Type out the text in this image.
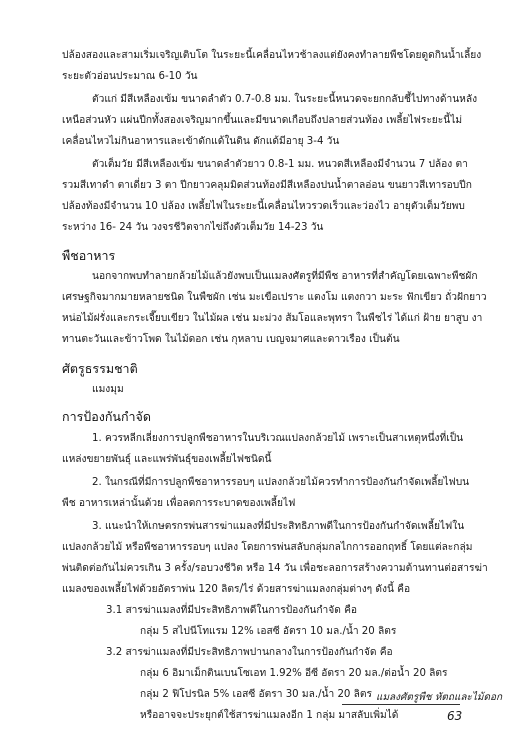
ปล้องสองและสามเริ่มเจริญเติบโต ในระยะนี้เคลื่อนไหวช้าลงแต่ยังคงทำลายพืชโดยดูดกินน้ำเลี้ยง
ระยะตัวอ่อนประมาณ 6-10 วัน
ตัวแก่ มีสีเหลืองเข้ม ขนาดลำตัว 0.7-0.8 มม. ในระยะนี้หนวดจะยกกลับชี้ไปทางด้านหลัง
เหนือส่วนหัว แผ่นปีกทั้งสองเจริญมากขึ้นและมีขนาดเกือบถึงปลายส่วนท้อง เพลี้ยไฟระยะนี้ไม่
เคลื่อนไหวไม่กินอาหารและเข้าดักแด้ในดิน ดักแด้มีอายุ 3-4 วัน
ตัวเต็มวัย มีสีเหลืองเข้ม ขนาดลำตัวยาว 0.8-1 มม. หนวดสีเหลืองมีจำนวน 7 ปล้อง ตา
รวมสีเทาดำ ตาเดี่ยว 3 ตา ปีกยาวคลุมมิดส่วนท้องมีสีเหลืองปนน้ำตาลอ่อน ขนยาวสีเทารอบปีก
ปล้องท้องมีจำนวน 10 ปล้อง เพลี้ยไฟในระยะนี้เคลื่อนไหวรวดเร็วและว่องไว อายุตัวเต็มวัยพบ
ระหว่าง 16- 24 วัน วงจรชีวิตจากไข่ถึงตัวเต็มวัย 14-23 วัน
นอกจากพบทำลายกล้วยไม้แล้วยังพบเป็นแมลงศัตรูที่มีพืช อาหารที่สำคัญโดยเฉพาะพืชผัก
เศรษฐกิจมากมายหลายชนิด ในพืชผัก เช่น มะเขือเปราะ แตงโม แตงกวา มะระ ฟักเขียว ถั่วฝักยาว
หน่อไม้ฝรั่งและกระเจี๊ยบเขียว ในไม้ผล เช่น มะม่วง ส้มโอและพุทรา ในพืชไร่ ได้แก่ ฝ้าย ยาสูบ งา
ทานตะวันและข้าวโพด ในไม้ดอก เช่น กุหลาบ เบญจมาศและดาวเรือง เป็นต้น
แมงมุม
1. ควรหลีกเลี่ยงการปลูกพืชอาหารในบริเวณแปลงกล้วยไม้ เพราะเป็นสาเหตุหนึ่งที่เป็น
แหล่งขยายพันธุ์ และแพร่พันธุ์ของเพลี้ยไฟชนิดนี้
2. ในกรณีที่มีการปลูกพืชอาหารรอบๆ แปลงกล้วยไม้ควรทำการป้องกันกำจัดเพลี้ยไฟบน
พืช อาหารเหล่านั้นด้วย เพื่อลดการระบาดของเพลี้ยไฟ
3. แนะนำให้เกษตรกรพ่นสารฆ่าแมลงที่มีประสิทธิภาพดีในการป้องกันกำจัดเพลี้ยไฟใน
แปลงกล้วยไม้ หรือพืชอาหารรอบๆ แปลง โดยการพ่นสลับกลุ่มกลไกการออกฤทธิ์ โดยแต่ละกลุ่ม
พ่นติดต่อกันไม่ควรเกิน 3 ครั้ง/รอบวงชีวิต หรือ 14 วัน เพื่อชะลอการสร้างความต้านทานต่อสารฆ่า
แมลงของเพลี้ยไฟด้วยอัตราพ่น 120 ลิตร/ไร่ ด้วยสารฆ่าแมลงกลุ่มต่างๆ ดังนี้ คือ
3.1 สารฆ่าแมลงที่มีประสิทธิภาพดีในการป้องกันกำจัด คือ
กลุ่ม 5 สไปนีโทแรม 12% เอสซี อัตรา 10 มล./น้ำ 20 ลิตร
3.2 สารฆ่าแมลงที่มีประสิทธิภาพปานกลางในการป้องกันกำจัด คือ
กลุ่ม 6 อิมาเม็กตินเบนโซเอท 1.92% อีซี อัตรา 20 มล./ต่อน้ำ 20 ลิตร
กลุ่ม 2 ฟิโปรนิล 5% เอสซี อัตรา 30 มล./น้ำ 20 ลิตร
หรืออาจจะประยุกต์ใช้สารฆ่าแมลงอีก 1 กลุ่ม มาสลับเพิ่มได้
พืชอาหาร
ศัตรูธรรมชาติ
การป้องกันกำจัด
แมลงศัตรูพืช หัตถและไม้ดอก
63
